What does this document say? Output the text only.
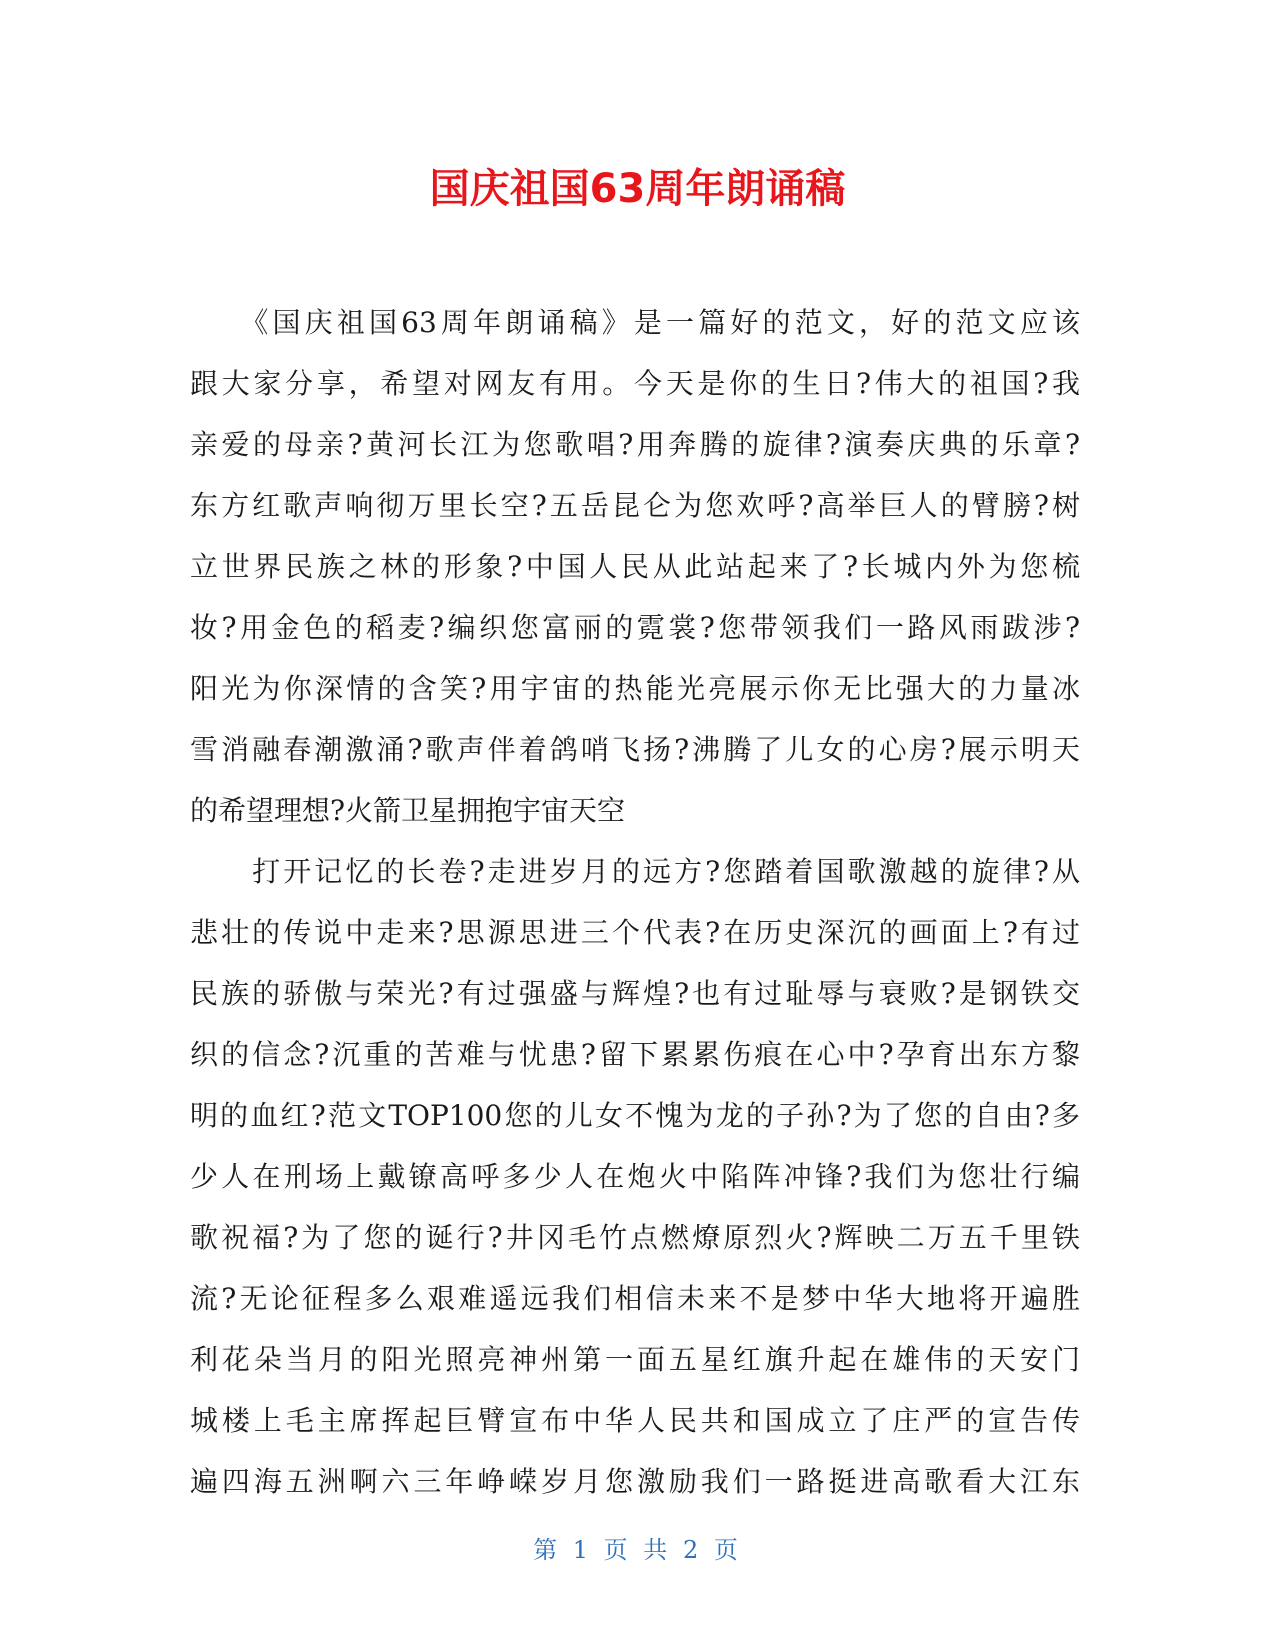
国庆祖国63周年朗诵稿

　　《国庆祖国63周年朗诵稿》是一篇好的范文，好的范文应该
跟大家分享，希望对网友有用。今天是你的生日?伟大的祖国?我
亲爱的母亲?黄河长江为您歌唱?用奔腾的旋律?演奏庆典的乐章?
东方红歌声响彻万里长空?五岳昆仑为您欢呼?高举巨人的臂膀?树
立世界民族之林的形象?中国人民从此站起来了?长城内外为您梳
妆?用金色的稻麦?编织您富丽的霓裳?您带领我们一路风雨跋涉?
阳光为你深情的含笑?用宇宙的热能光亮展示你无比强大的力量冰
雪消融春潮激涌?歌声伴着鸽哨飞扬?沸腾了儿女的心房?展示明天
的希望理想?火箭卫星拥抱宇宙天空

　　打开记忆的长卷?走进岁月的远方?您踏着国歌激越的旋律?从
悲壮的传说中走来?思源思进三个代表?在历史深沉的画面上?有过
民族的骄傲与荣光?有过强盛与辉煌?也有过耻辱与衰败?是钢铁交
织的信念?沉重的苦难与忧患?留下累累伤痕在心中?孕育出东方黎
明的血红?范文TOP100您的儿女不愧为龙的子孙?为了您的自由?多
少人在刑场上戴镣高呼多少人在炮火中陷阵冲锋?我们为您壮行编
歌祝福?为了您的诞行?井冈毛竹点燃燎原烈火?辉映二万五千里铁
流?无论征程多么艰难遥远我们相信未来不是梦中华大地将开遍胜
利花朵当月的阳光照亮神州第一面五星红旗升起在雄伟的天安门
城楼上毛主席挥起巨臂宣布中华人民共和国成立了庄严的宣告传
遍四海五洲啊六三年峥嵘岁月您激励我们一路挺进高歌看大江东

第 1 页 共 2 页
